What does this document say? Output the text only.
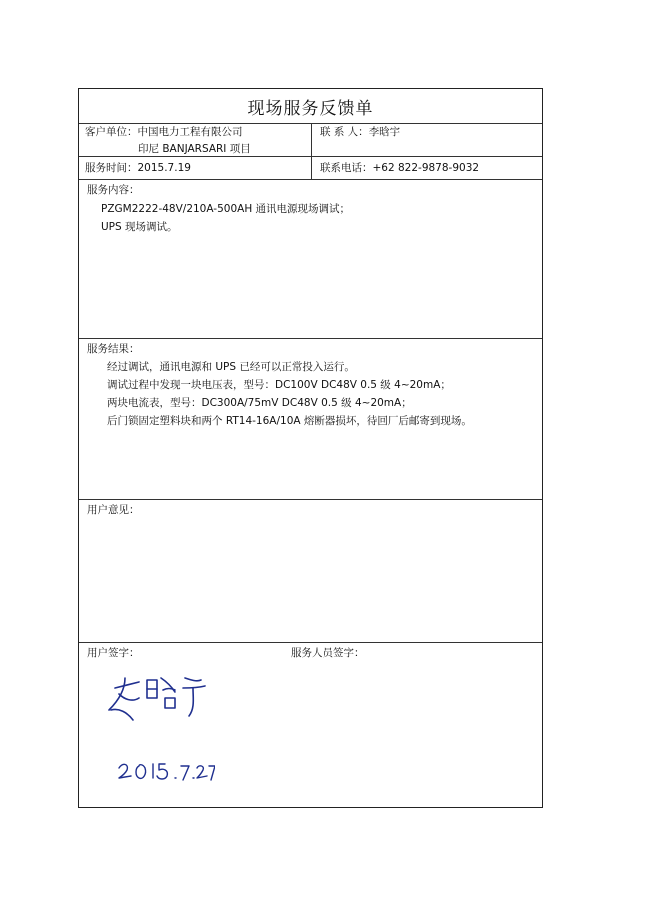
现场服务反馈单
客户单位：中国电力工程有限公司
印尼 BANJARSARI 项目
联 系 人：李晗宇
服务时间：2015.7.19	联系电话：+62 822-9878-9032
服务内容：
PZGM2222-48V/210A-500AH 通讯电源现场调试；
UPS 现场调试。
服务结果：
经过调试，通讯电源和 UPS 已经可以正常投入运行。
调试过程中发现一块电压表，型号：DC100V DC48V 0.5 级 4~20mA；
两块电流表，型号：DC300A/75mV DC48V 0.5 级 4~20mA；
后门锁固定塑料块和两个 RT14-16A/10A 熔断器损坏，待回厂后邮寄到现场。
用户意见：
用户签字：	服务人员签字：
